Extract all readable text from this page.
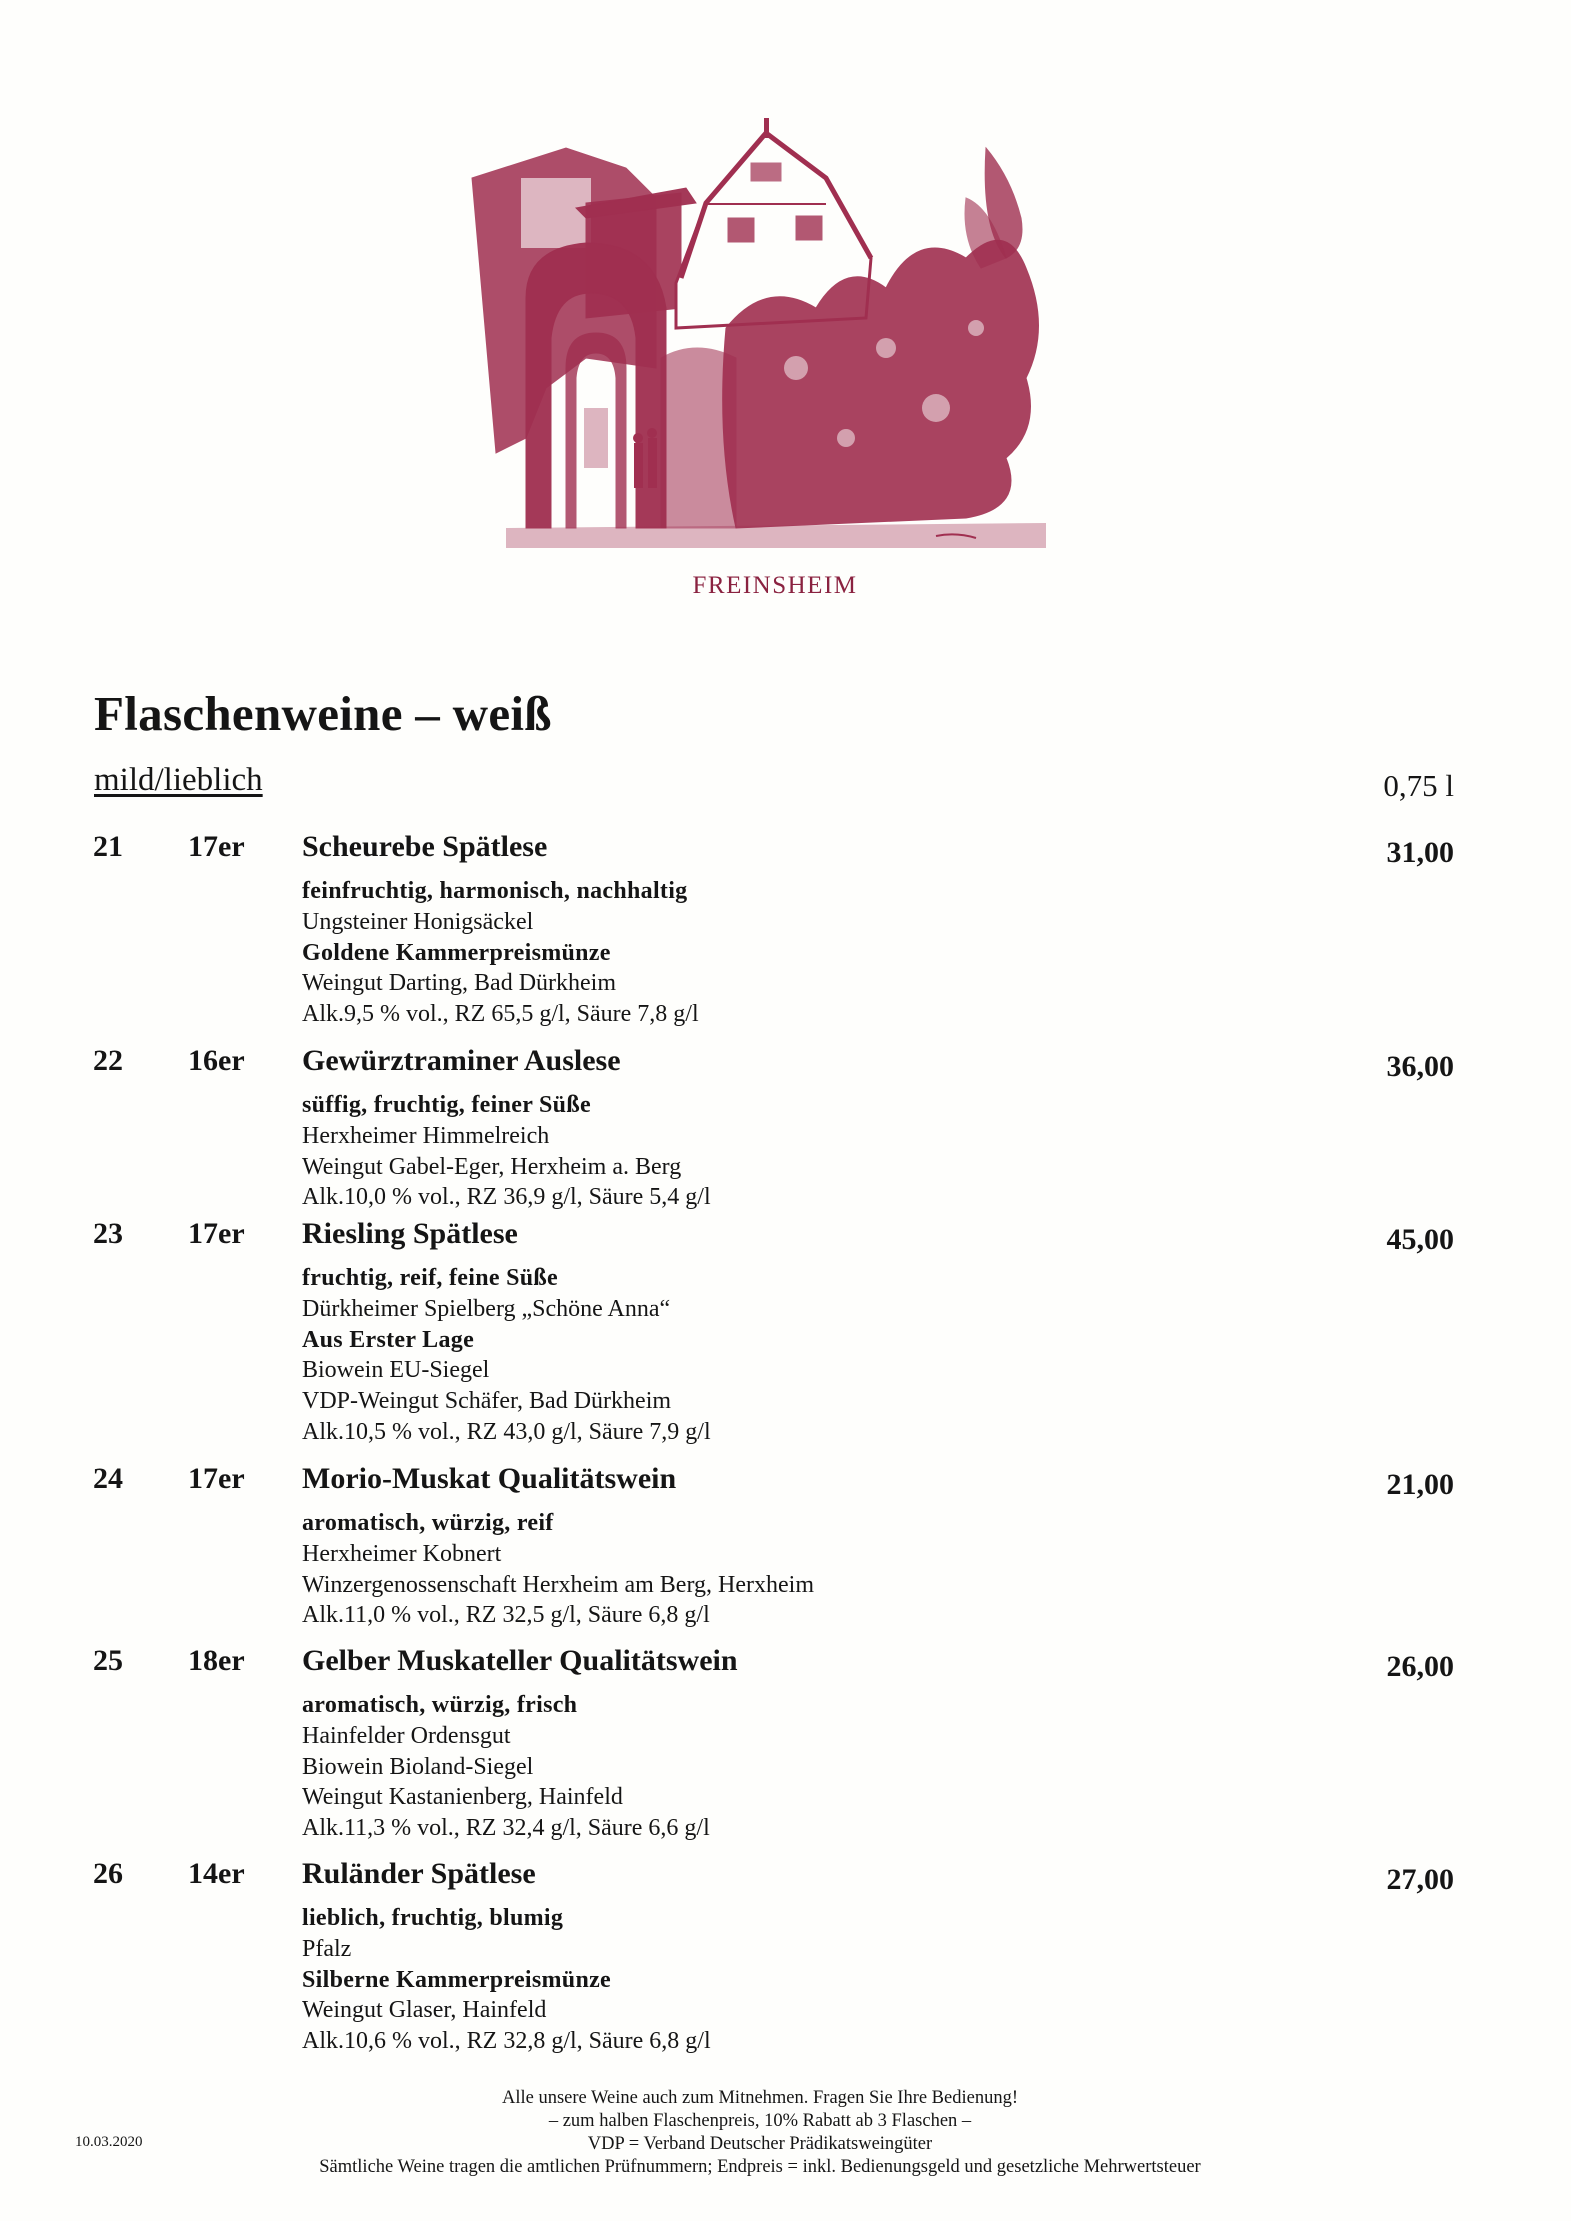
FREINSHEIM
Flaschenweine – weiß
mild/lieblich	0,75 l
21 17er Scheurebe Spätlese	31,00
feinfruchtig, harmonisch, nachhaltig
Ungsteiner Honigsäckel
Goldene Kammerpreismünze
Weingut Darting, Bad Dürkheim
Alk.9,5 % vol., RZ 65,5 g/l, Säure 7,8 g/l
22 16er Gewürztraminer Auslese	36,00
süffig, fruchtig, feiner Süße
Herxheimer Himmelreich
Weingut Gabel-Eger, Herxheim a. Berg
Alk.10,0 % vol., RZ 36,9 g/l, Säure 5,4 g/l
23 17er Riesling Spätlese	45,00
fruchtig, reif, feine Süße
Dürkheimer Spielberg „Schöne Anna“
Aus Erster Lage
Biowein EU-Siegel
VDP-Weingut Schäfer, Bad Dürkheim
Alk.10,5 % vol., RZ 43,0 g/l, Säure 7,9 g/l
24 17er Morio-Muskat Qualitätswein	21,00
aromatisch, würzig, reif
Herxheimer Kobnert
Winzergenossenschaft Herxheim am Berg, Herxheim
Alk.11,0 % vol., RZ 32,5 g/l, Säure 6,8 g/l
25 18er Gelber Muskateller Qualitätswein	26,00
aromatisch, würzig, frisch
Hainfelder Ordensgut
Biowein Bioland-Siegel
Weingut Kastanienberg, Hainfeld
Alk.11,3 % vol., RZ 32,4 g/l, Säure 6,6 g/l
26 14er Ruländer Spätlese	27,00
lieblich, fruchtig, blumig
Pfalz
Silberne Kammerpreismünze
Weingut Glaser, Hainfeld
Alk.10,6 % vol., RZ 32,8 g/l, Säure 6,8 g/l
Alle unsere Weine auch zum Mitnehmen. Fragen Sie Ihre Bedienung!
– zum halben Flaschenpreis, 10% Rabatt ab 3 Flaschen –
VDP = Verband Deutscher Prädikatsweingüter
Sämtliche Weine tragen die amtlichen Prüfnummern; Endpreis = inkl. Bedienungsgeld und gesetzliche Mehrwertsteuer
10.03.2020
